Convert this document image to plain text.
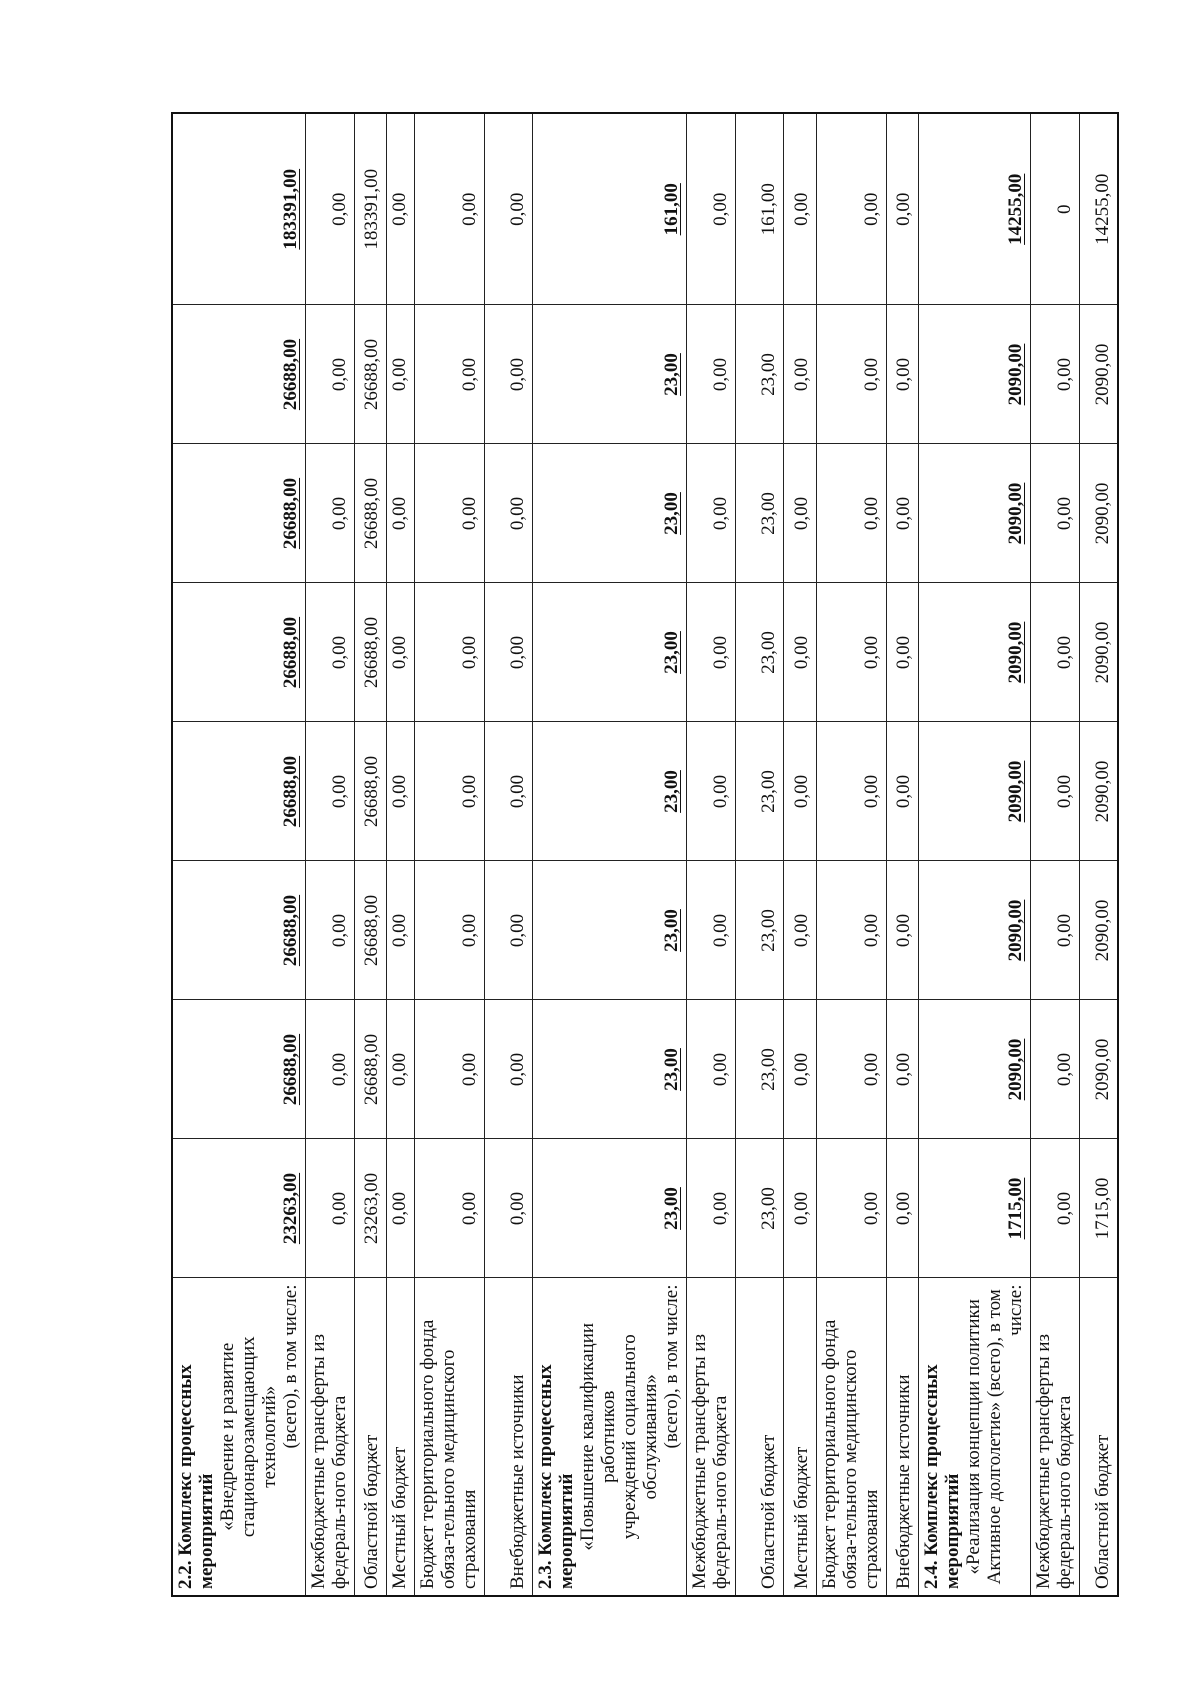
2.2. Комплекс процессных мероприятий
«Внедрение и развитие стационарозамещающих технологий» (всего), в том числе:	23263,00	26688,00	26688,00	26688,00	26688,00	26688,00	26688,00	183391,00
Межбюджетные трансферты из федераль-ного бюджета	0,00	0,00	0,00	0,00	0,00	0,00	0,00	0,00
Областной бюджет	23263,00	26688,00	26688,00	26688,00	26688,00	26688,00	26688,00	183391,00
Местный бюджет	0,00	0,00	0,00	0,00	0,00	0,00	0,00	0,00
Бюджет территориального фонда обяза-тельного медицинского страхования	0,00	0,00	0,00	0,00	0,00	0,00	0,00	0,00
Внебюджетные источники	0,00	0,00	0,00	0,00	0,00	0,00	0,00	0,00

2.3. Комплекс процессных мероприятий «Повышение квалификации работников учреждений социального обслуживания» (всего), в том числе:	23,00	23,00	23,00	23,00	23,00	23,00	23,00	161,00
Межбюджетные трансферты из федераль-ного бюджета	0,00	0,00	0,00	0,00	0,00	0,00	0,00	0,00
Областной бюджет	23,00	23,00	23,00	23,00	23,00	23,00	23,00	161,00
Местный бюджет	0,00	0,00	0,00	0,00	0,00	0,00	0,00	0,00
Бюджет территориального фонда обяза-тельного медицинского страхования	0,00	0,00	0,00	0,00	0,00	0,00	0,00	0,00
Внебюджетные источники	0,00	0,00	0,00	0,00	0,00	0,00	0,00	0,00

2.4. Комплекс процессных мероприятий «Реализация концепции политики Активное долголетие» (всего), в том числе:	1715,00	2090,00	2090,00	2090,00	2090,00	2090,00	2090,00	14255,00
Межбюджетные трансферты из федераль-ного бюджета	0,00	0,00	0,00	0,00	0,00	0,00	0,00	0
Областной бюджет	1715,00	2090,00	2090,00	2090,00	2090,00	2090,00	2090,00	14255,00
